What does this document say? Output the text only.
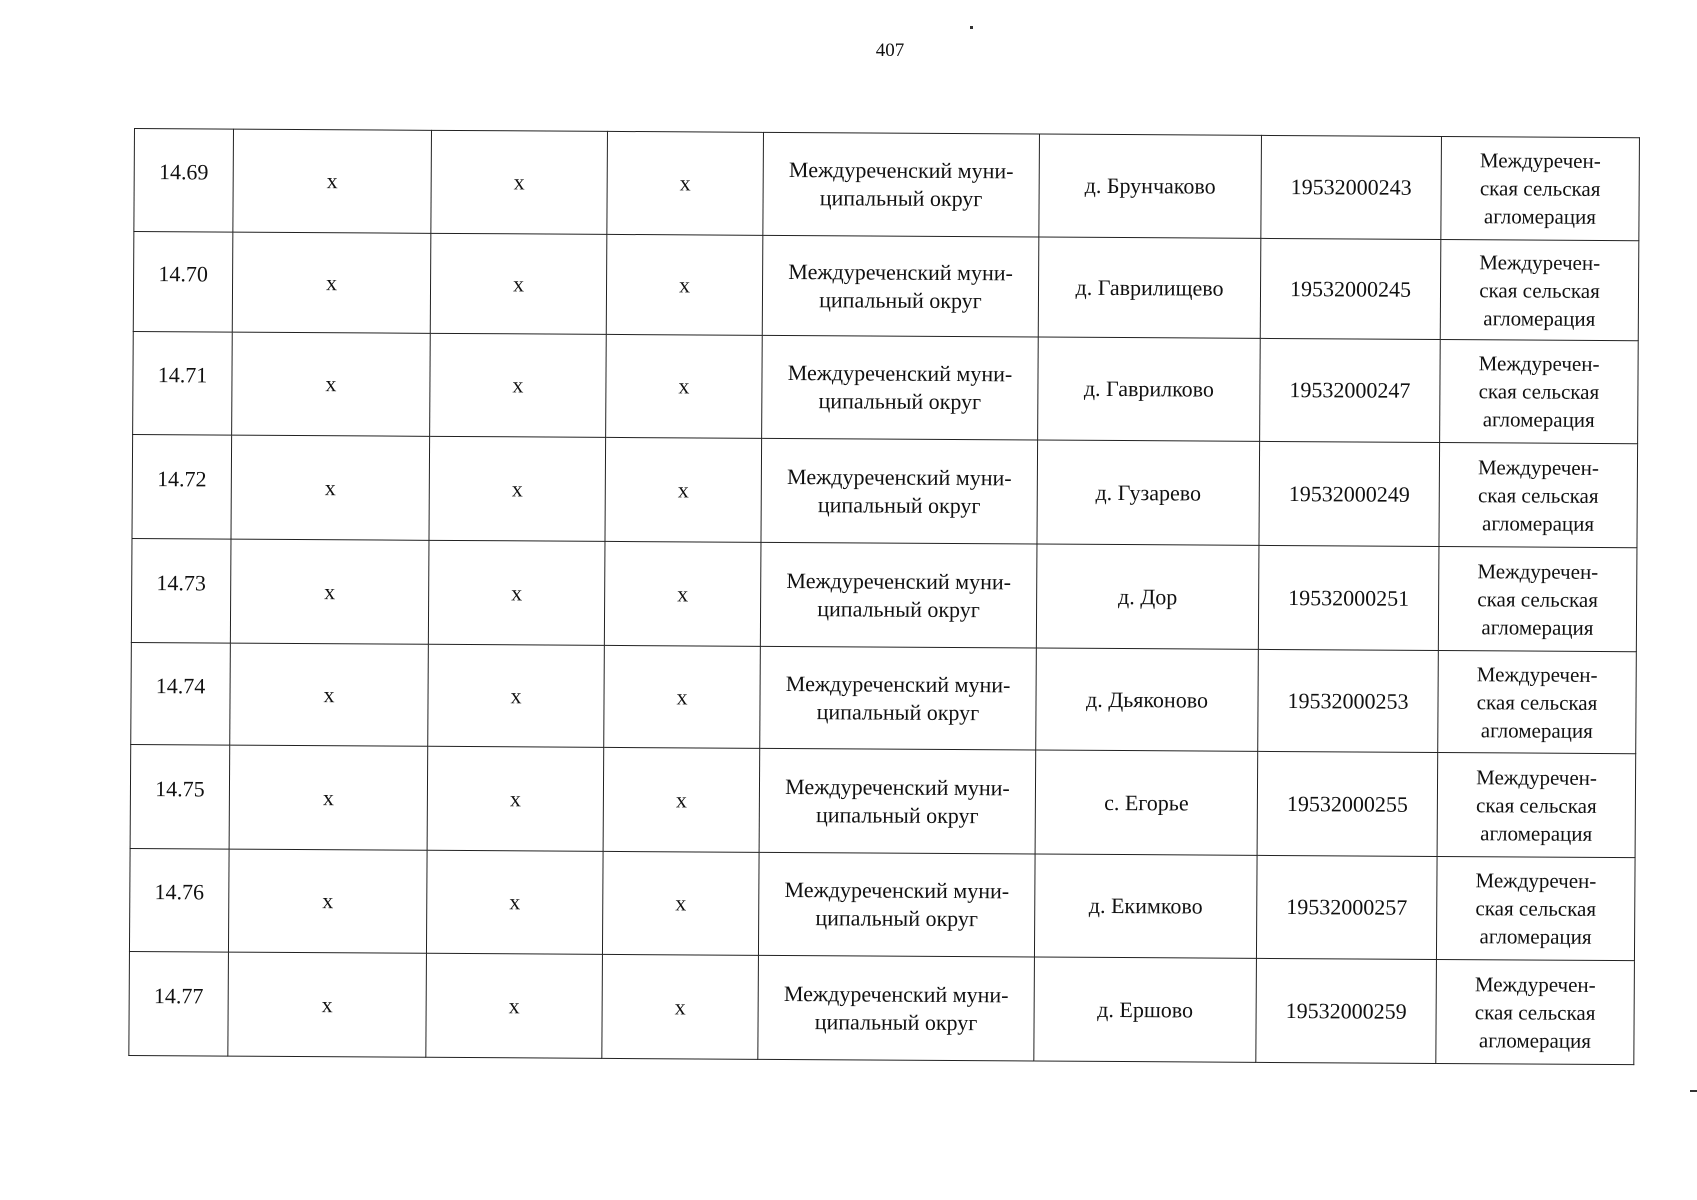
407
14.69	x	x	x	Междуреченский муни-
ципальный округ	д. Брунчаково	19532000243	Междуречен-
ская сельская
агломерация
14.70	x	x	x	Междуреченский муни-
ципальный округ	д. Гаврилищево	19532000245	Междуречен-
ская сельская
агломерация
14.71	x	x	x	Междуреченский муни-
ципальный округ	д. Гаврилково	19532000247	Междуречен-
ская сельская
агломерация
14.72	x	x	x	Междуреченский муни-
ципальный округ	д. Гузарево	19532000249	Междуречен-
ская сельская
агломерация
14.73	x	x	x	Междуреченский муни-
ципальный округ	д. Дор	19532000251	Междуречен-
ская сельская
агломерация
14.74	x	x	x	Междуреченский муни-
ципальный округ	д. Дьяконово	19532000253	Междуречен-
ская сельская
агломерация
14.75	x	x	x	Междуреченский муни-
ципальный округ	с. Егорье	19532000255	Междуречен-
ская сельская
агломерация
14.76	x	x	x	Междуреченский муни-
ципальный округ	д. Екимково	19532000257	Междуречен-
ская сельская
агломерация
14.77	x	x	x	Междуреченский муни-
ципальный округ	д. Ершово	19532000259	Междуречен-
ская сельская
агломерация
